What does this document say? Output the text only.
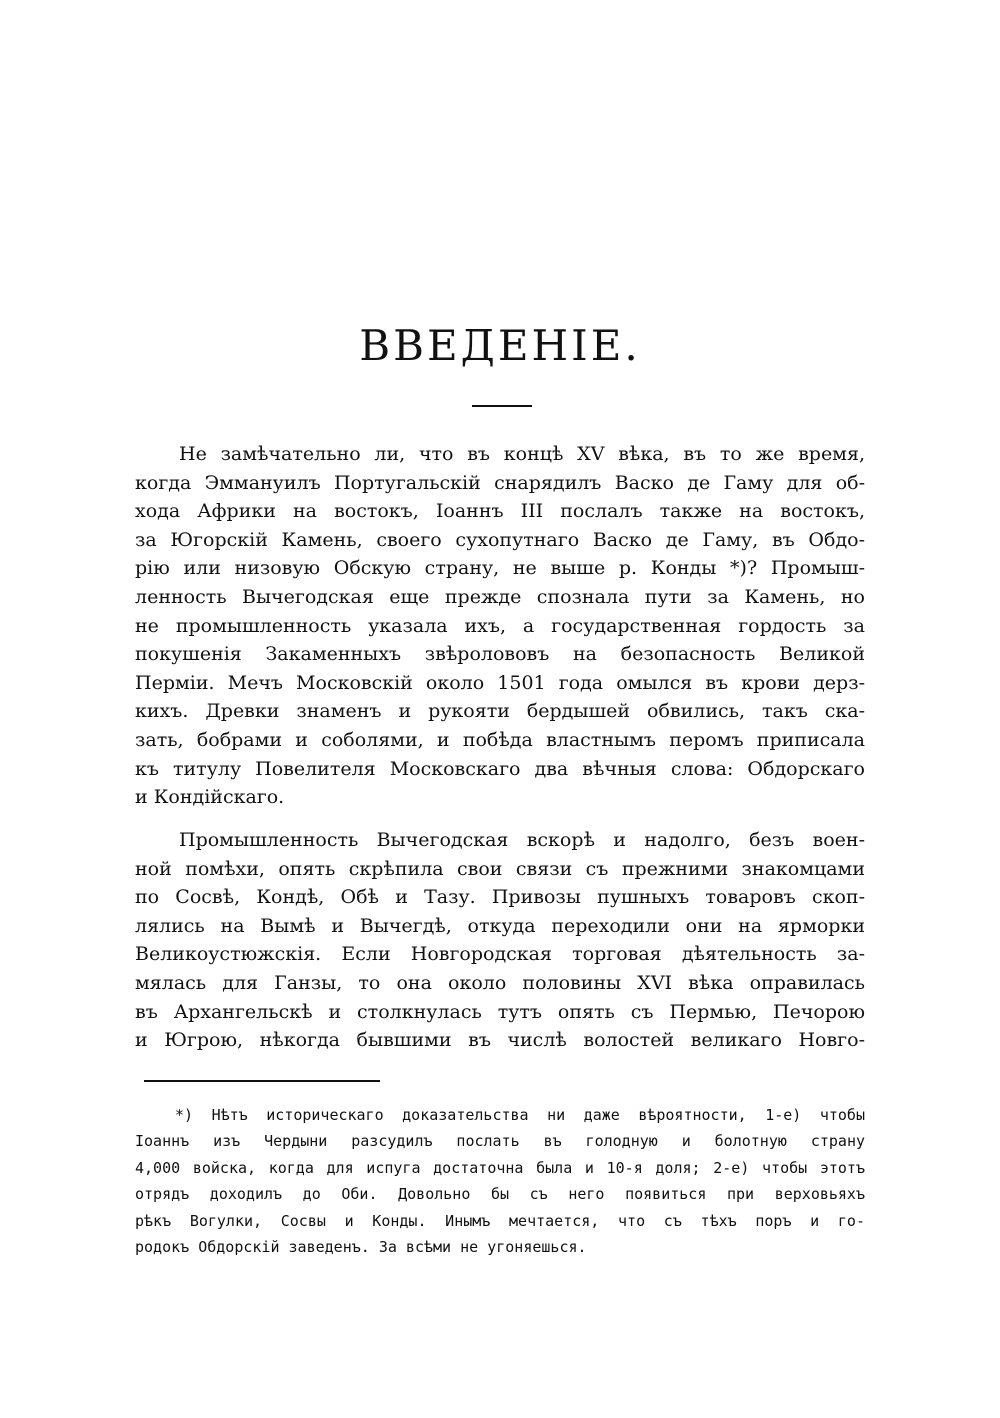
ВВЕДЕНІЕ.
Не замѣчательно ли, что въ концѣ XV вѣка, въ то же время,
когда Эммануилъ Португальскій снарядилъ Васко де Гаму для об-
хода Африки на востокъ, Іоаннъ III послалъ также на востокъ,
за Югорскій Камень, своего сухопутнаго Васко де Гаму, въ Обдо-
рію или низовую Обскую страну, не выше р. Конды *)? Промыш-
ленность Вычегодская еще прежде спознала пути за Камень, но
не промышленность указала ихъ, а государственная гордость за
покушенія Закаменныхъ звѣролововъ на безопасность Великой
Перміи. Мечъ Московскій около 1501 года омылся въ крови дерз-
кихъ. Древки знаменъ и рукояти бердышей обвились, такъ ска-
зать, бобрами и соболями, и побѣда властнымъ перомъ приписала
къ титулу Повелителя Московскаго два вѣчныя слова: Обдорскаго
и Кондійскаго.
Промышленность Вычегодская вскорѣ и надолго, безъ воен-
ной помѣхи, опять скрѣпила свои связи съ прежними знакомцами
по Сосвѣ, Кондѣ, Обѣ и Тазу. Привозы пушныхъ товаровъ скоп-
лялись на Вымѣ и Вычегдѣ, откуда переходили они на ярморки
Великоустюжскія. Если Новгородская торговая дѣятельность за-
мялась для Ганзы, то она около половины XVI вѣка оправилась
въ Архангельскѣ и столкнулась тутъ опять съ Пермью, Печорою
и Югрою, нѣкогда бывшими въ числѣ волостей великаго Новго-
*) Нѣтъ историческаго доказательства ни даже вѣроятности, 1-е) чтобы
Іоаннъ изъ Чердыни разсудилъ послать въ голодную и болотную страну
4,000 войска, когда для испуга достаточна была и 10-я доля; 2-е) чтобы этотъ
отрядъ доходилъ до Оби. Довольно бы съ него появиться при верховьяхъ
рѣкъ Вогулки, Сосвы и Конды. Инымъ мечтается, что съ тѣхъ поръ и го-
родокъ Обдорскій заведенъ. За всѣми не угоняешься.
